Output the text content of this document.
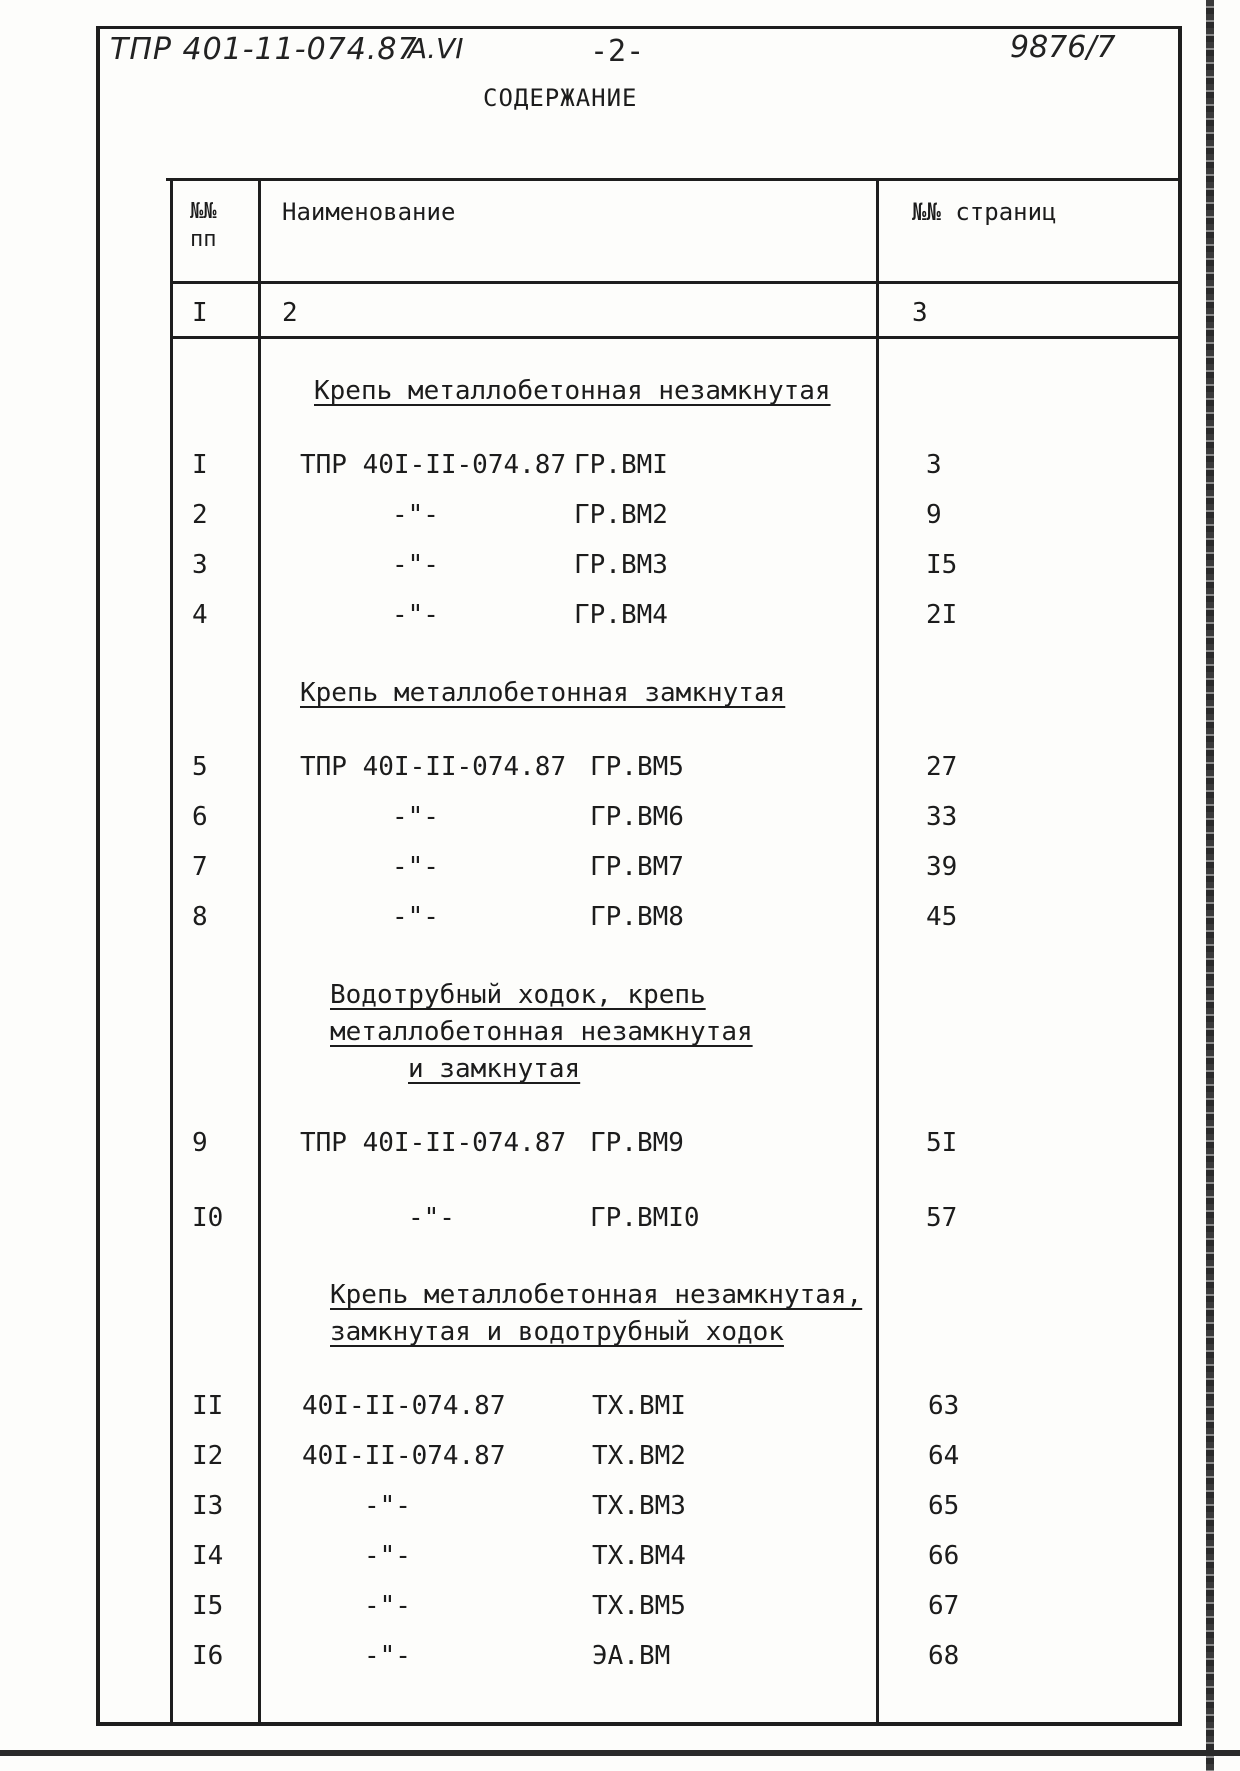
ТПР 401-11-074.87
А.VI	-2-	9876/7
СОДЕРЖАНИЕ
№№ пп
Наименование	№№ страниц
I	2	3
Крепь металлобетонная незамкнутая
I	ТПР 40I-II-074.87 ГР.ВМI	3
2	-"-	ГР.ВМ2	9
3	-"-	ГР.ВМ3	I5
4	-"-	ГР.ВМ4	2I
Крепь металлобетонная замкнутая
5	ТПР 40I-II-074.87 ГР.ВМ5	27
6	-"-	ГР.ВМ6	33
7	-"-	ГР.ВМ7	39
8	-"-	ГР.ВМ8	45
Водотрубный ходок, крепь
металлобетонная незамкнутая
и замкнутая
9	ТПР 40I-II-074.87 ГР.ВМ9	5I
I0	-"-	ГР.ВМI0	57
Крепь металлобетонная незамкнутая,
замкнутая и водотрубный ходок
II	40I-II-074.87	ТХ.ВМI	63
I2	40I-II-074.87	ТХ.ВМ2	64
I3	-"-	ТХ.ВМ3	65
I4	-"-	ТХ.ВМ4	66
I5	-"-	ТХ.ВМ5	67
I6	-"-	ЭА.ВМ	68
